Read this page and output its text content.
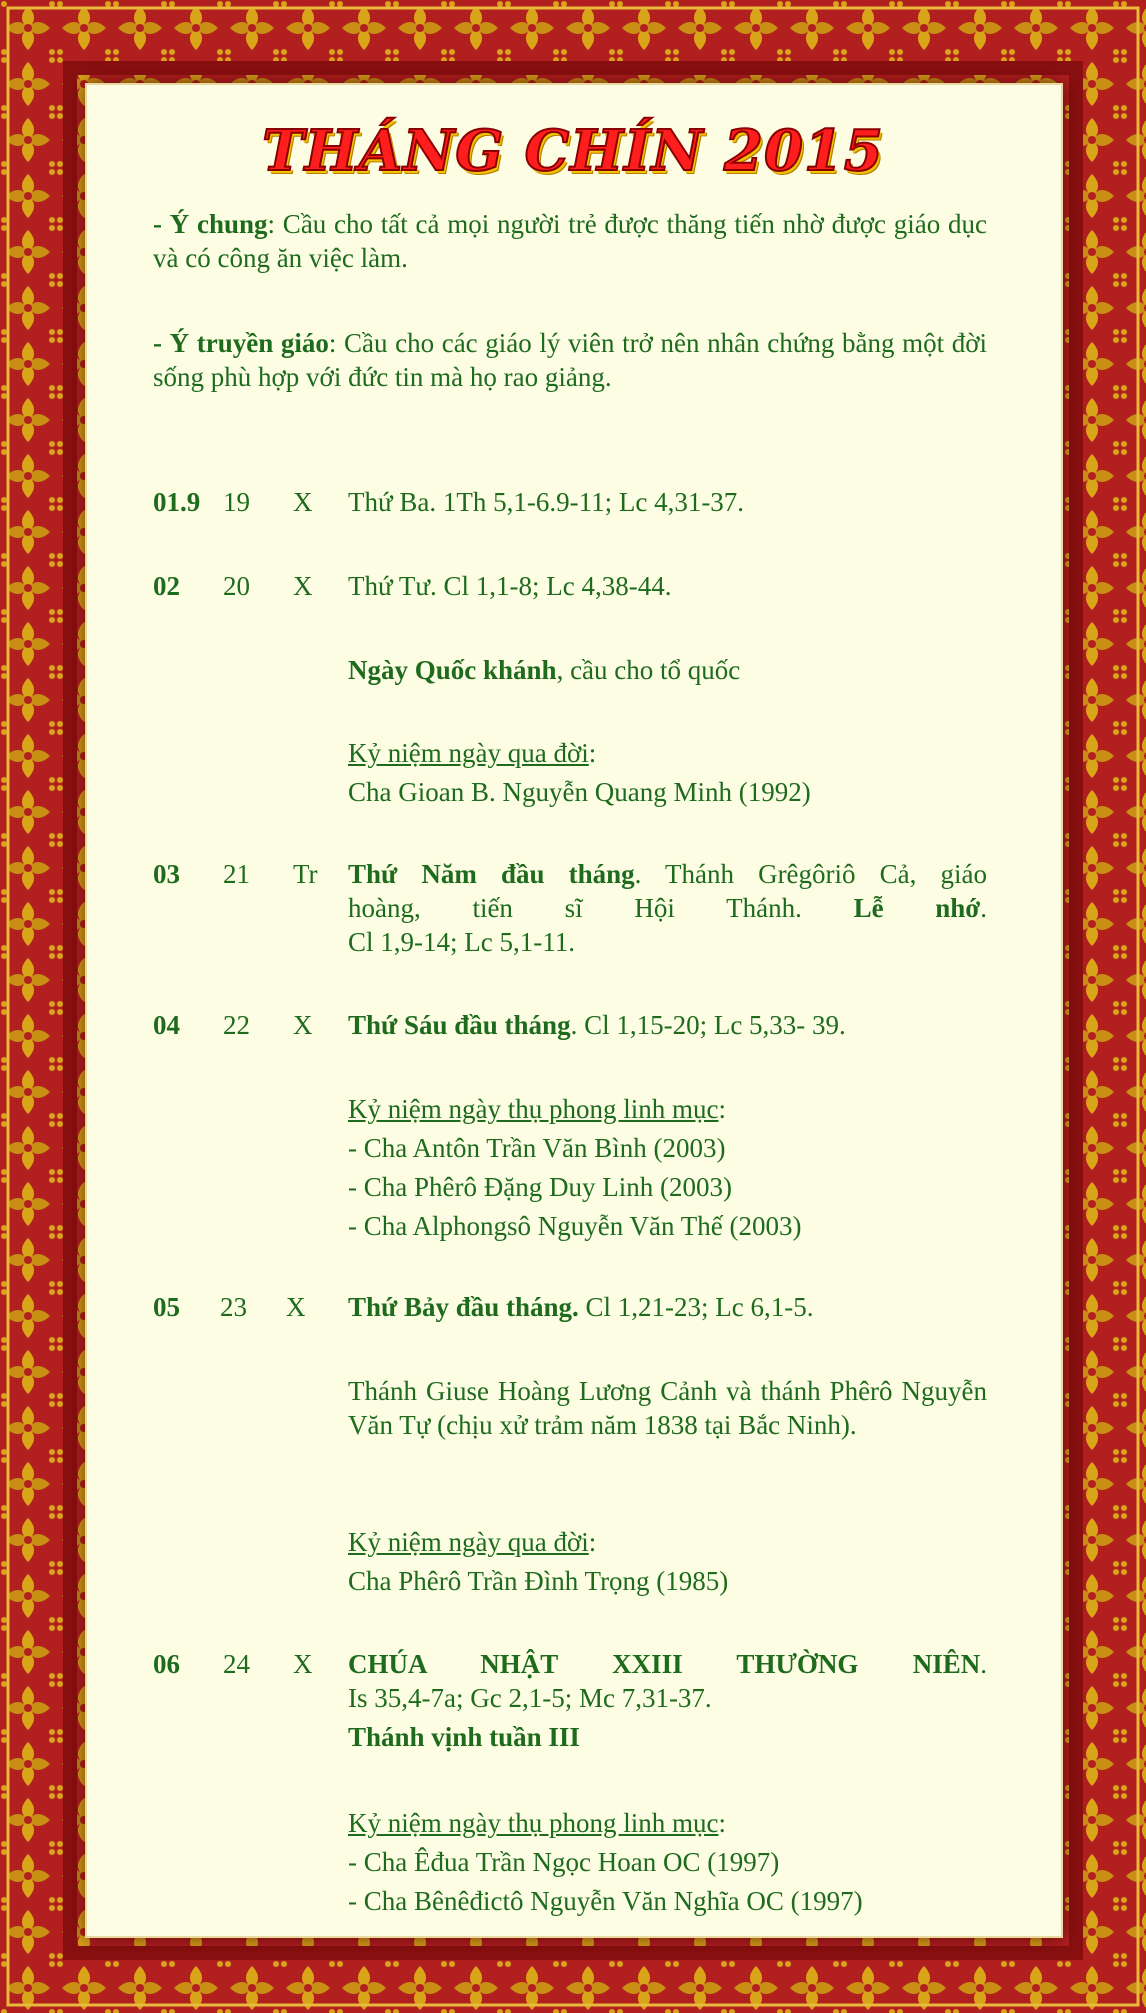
THÁNG CHÍN 2015
- Ý chung: Cầu cho tất cả mọi người trẻ được thăng tiến nhờ được giáo dục và có công ăn việc làm.
- Ý truyền giáo: Cầu cho các giáo lý viên trở nên nhân chứng bằng một đời sống phù hợp với đức tin mà họ rao giảng.
01.9 19 X Thứ Ba. 1Th 5,1-6.9-11; Lc 4,31-37.
02 20 X Thứ Tư. Cl 1,1-8; Lc 4,38-44.
Ngày Quốc khánh, cầu cho tổ quốc
Kỷ niệm ngày qua đời:
Cha Gioan B. Nguyễn Quang Minh (1992)
03 21 Tr Thứ Năm đầu tháng. Thánh Grêgôriô Cả, giáo
hoàng, tiến sĩ Hội Thánh. Lễ nhớ.
Cl 1,9-14; Lc 5,1-11.
04 22 X Thứ Sáu đầu tháng. Cl 1,15-20; Lc 5,33- 39.
Kỷ niệm ngày thụ phong linh mục:
- Cha Antôn Trần Văn Bình (2003)
- Cha Phêrô Đặng Duy Linh (2003)
- Cha Alphongsô Nguyễn Văn Thế (2003)
05 23 X Thứ Bảy đầu tháng. Cl 1,21-23; Lc 6,1-5.
Thánh Giuse Hoàng Lương Cảnh và thánh Phêrô Nguyễn Văn Tự (chịu xử trảm năm 1838 tại Bắc Ninh).
Kỷ niệm ngày qua đời:
Cha Phêrô Trần Đình Trọng (1985)
06 24 X CHÚA NHẬT XXIII THƯỜNG NIÊN.
Is 35,4-7a; Gc 2,1-5; Mc 7,31-37.
Thánh vịnh tuần III
Kỷ niệm ngày thụ phong linh mục:
- Cha Êđua Trần Ngọc Hoan OC (1997)
- Cha Bênêđictô Nguyễn Văn Nghĩa OC (1997)
